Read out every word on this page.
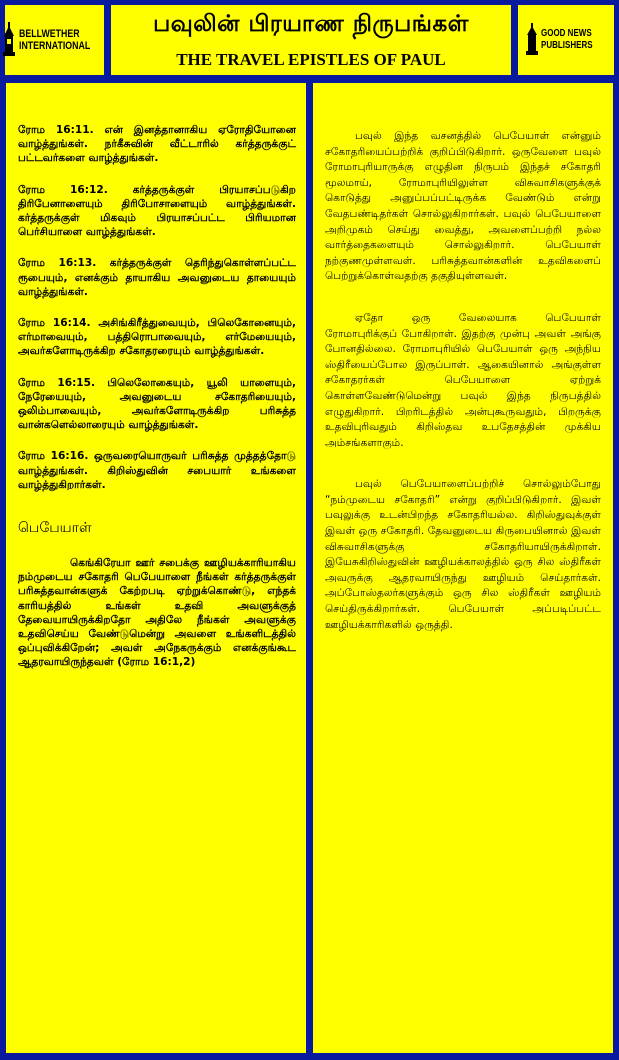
BELLWETHER
INTERNATIONAL
பவுலின் பிரயாண நிருபங்கள்
THE TRAVEL EPISTLES OF PAUL
GOOD NEWS
PUBLISHERS

ரோம 16:11. என் இனத்தானாகிய ஏரோதியோனை வாழ்த்துங்கள். நர்கீசுவின் வீட்டாரில் கர்த்தருக்குட் பட்டவர்களை வாழ்த்துங்கள்.

ரோம 16:12. கர்த்தருக்குள் பிரயாசப்படுகிற திரிபேனாளையும் திரிபோசாளையும் வாழ்த்துங்கள். கர்த்தருக்குள் மிகவும் பிரயாசப்பட்ட பிரியமான பெர்சியாளை வாழ்த்துங்கள்.

ரோம 16:13. கர்த்தருக்குள் தெரிந்துகொள்ளப்பட்ட ரூபையும், எனக்கும் தாயாகிய அவனுடைய தாயையும் வாழ்த்துங்கள்.

ரோம 16:14. அசிங்கிரீத்துவையும், பிலெகோனையும், எர்மாவையும், பத்திரொபாவையும், எர்மேயையும், அவர்களோடிருக்கிற சகோதரரையும் வாழ்த்துங்கள்.

ரோம 16:15. பிலெலோகையும், யூலி யாளையும், நேரேயையும், அவனுடைய சகோதரியையும், ஒலிம்பாவையும், அவர்களோடிருக்கிற பரிசுத்த வான்களெல்லாரையும் வாழ்த்துங்கள்.

ரோம 16:16. ஒருவரையொருவர் பரிசுத்த முத்தத்தோடு வாழ்த்துங்கள். கிறிஸ்துவின் சபையார் உங்களை வாழ்த்துகிறார்கள்.

பெபேயாள்

கெங்கிரேயா ஊர் சபைக்கு ஊழியக்காரியாகிய நம்முடைய சகோதரி பெபேயாளை நீங்கள் கர்த்தருக்குள் பரிசுத்தவான்களுக் கேற்றபடி ஏற்றுக்கொண்டு, எந்தக் காரியத்தில் உங்கள் உதவி அவளுக்குத் தேவையாயிருக்கிறதோ அதிலே நீங்கள் அவளுக்கு உதவிசெய்ய வேண்டுமென்று அவளை உங்களிடத்தில் ஒப்புவிக்கிறேன்; அவள் அநேகருக்கும் எனக்குங்கூட ஆதரவாயிருந்தவள் (ரோம 16:1,2)

பவுல் இந்த வசனத்தில் பெபேயாள் என்னும் சகோதரியைப்பற்றிக் குறிப்பிடுகிறார். ஒருவேளை பவுல் ரோமாபுரியாருக்கு எழுதின நிருபம் இந்தச் சகோதரி மூலமாய், ரோமாபுரியிலுள்ள விசுவாசிகளுக்குக் கொடுத்து அனுப்பப்பட்டிருக்க வேண்டும் என்று வேதபண்டிதர்கள் சொல்லுகிறார்கள். பவுல் பெபேயாளை அறிமுகம் செய்து வைத்து, அவளைப்பற்றி நல்ல வார்த்தைகளையும் சொல்லுகிறார். பெபேயாள் நற்குணமுள்ளவள். பரிசுத்தவான்களின் உதவிகளைப் பெற்றுக்கொள்வதற்கு தகுதியுள்ளவள்.

ஏதோ ஒரு வேலையாக பெபேயாள் ரோமாபுரிக்குப் போகிறாள். இதற்கு முன்பு அவள் அங்கு போனதில்லை. ரோமாபுரியில் பெபேயாள் ஒரு அந்நிய ஸ்திரீயைப்போல இருப்பாள். ஆகையினால் அங்குள்ள சகோதரர்கள் பெபேயாளை ஏற்றுக் கொள்ளவேண்டுமென்று பவுல் இந்த நிருபத்தில் எழுதுகிறார். பிறரிடத்தில் அன்புகூருவதும், பிறருக்கு உதவிபுரிவதும் கிறிஸ்தவ உபதேசத்தின் முக்கிய அம்சங்களாகும்.

பவுல் பெபேயாளைப்பற்றிச் சொல்லும்போது “நம்முடைய சகோதரி” என்று குறிப்பிடுகிறார். இவள் பவுலுக்கு உடன்பிறந்த சகோதரியல்ல. கிறிஸ்துவுக்குள் இவள் ஒரு சகோதரி. தேவனுடைய கிருபையினால் இவள் விசுவாசிகளுக்கு சகோதரியாயிருக்கிறாள். இயேசுகிறிஸ்துவின் ஊழியக்காலத்தில் ஒரு சில ஸ்திரீகள் அவருக்கு ஆதரவாயிருந்து ஊழியம் செய்தார்கள். அப்போஸ்தலர்களுக்கும் ஒரு சில ஸ்திரீகள் ஊழியம் செய்திருக்கிறார்கள். பெபேயாள் அப்படிப்பட்ட ஊழியக்காரிகளில் ஒருத்தி.
